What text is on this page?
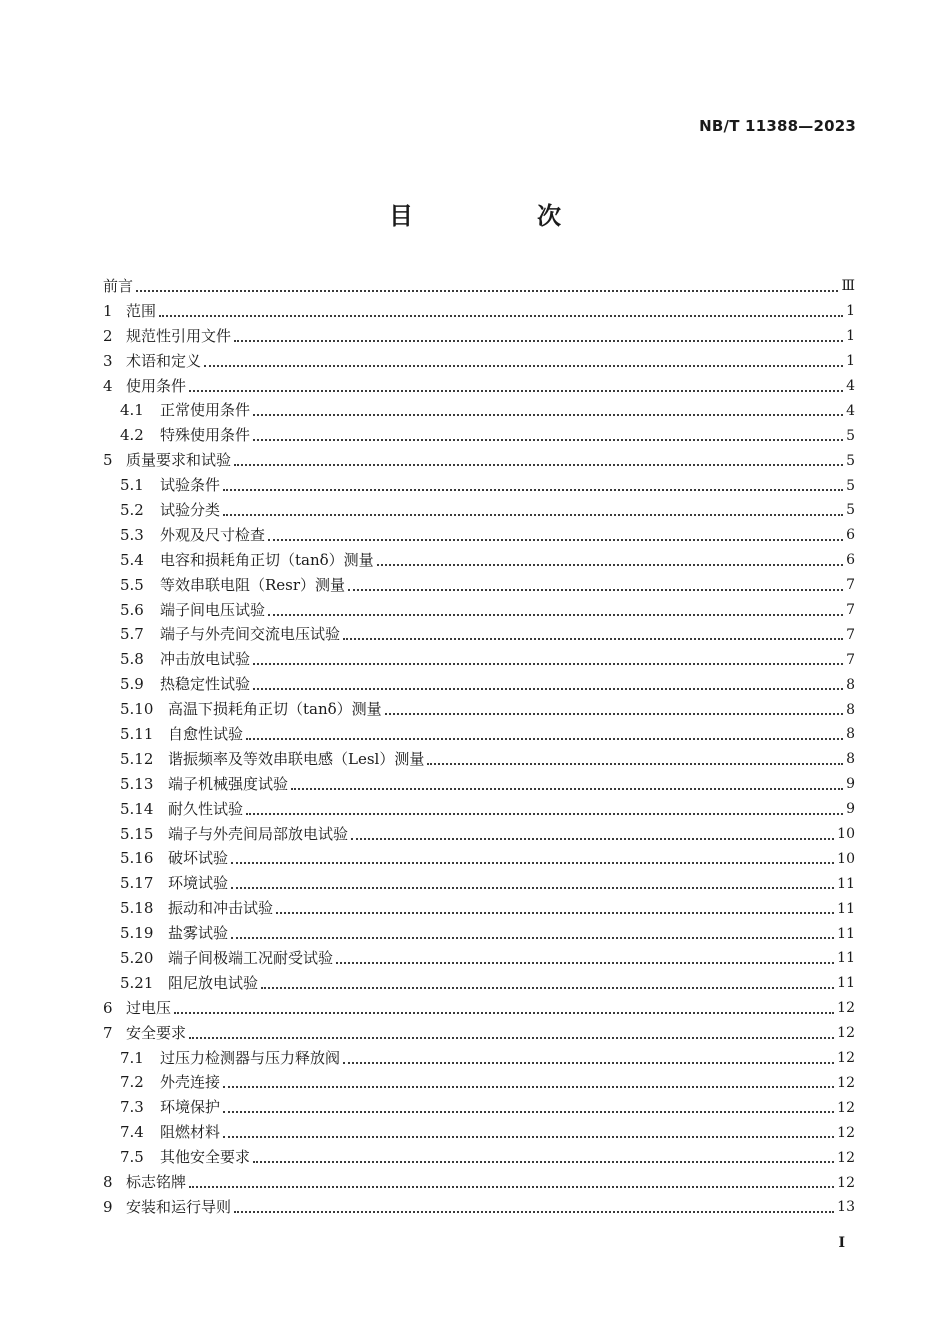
NB/T 11388—2023
目　次
前言	Ⅲ
1 范围	1
2 规范性引用文件	1
3 术语和定义	1
4 使用条件	4
4.1	正常使用条件	4
4.2	特殊使用条件	5
5 质量要求和试验	5
5.1	试验条件	5
5.2	试验分类	5
5.3	外观及尺寸检查	6
5.4	电容和损耗角正切（tanδ）测量	6
5.5	等效串联电阻（Resr）测量	7
5.6	端子间电压试验	7
5.7	端子与外壳间交流电压试验	7
5.8	冲击放电试验	7
5.9	热稳定性试验	8
5.10 高温下损耗角正切（tanδ）测量	8
5.11 自愈性试验	8
5.12 谐振频率及等效串联电感（Lesl）测量	8
5.13 端子机械强度试验	9
5.14 耐久性试验	9
5.15 端子与外壳间局部放电试验	10
5.16 破坏试验	10
5.17 环境试验	11
5.18 振动和冲击试验	11
5.19 盐雾试验	11
5.20 端子间极端工况耐受试验	11
5.21 阻尼放电试验	11
6 过电压	12
7 安全要求	12
7.1	过压力检测器与压力释放阀	12
7.2	外壳连接	12
7.3	环境保护	12
7.4	阻燃材料	12
7.5	其他安全要求	12
8 标志铭牌	12
9 安装和运行导则	13
I
